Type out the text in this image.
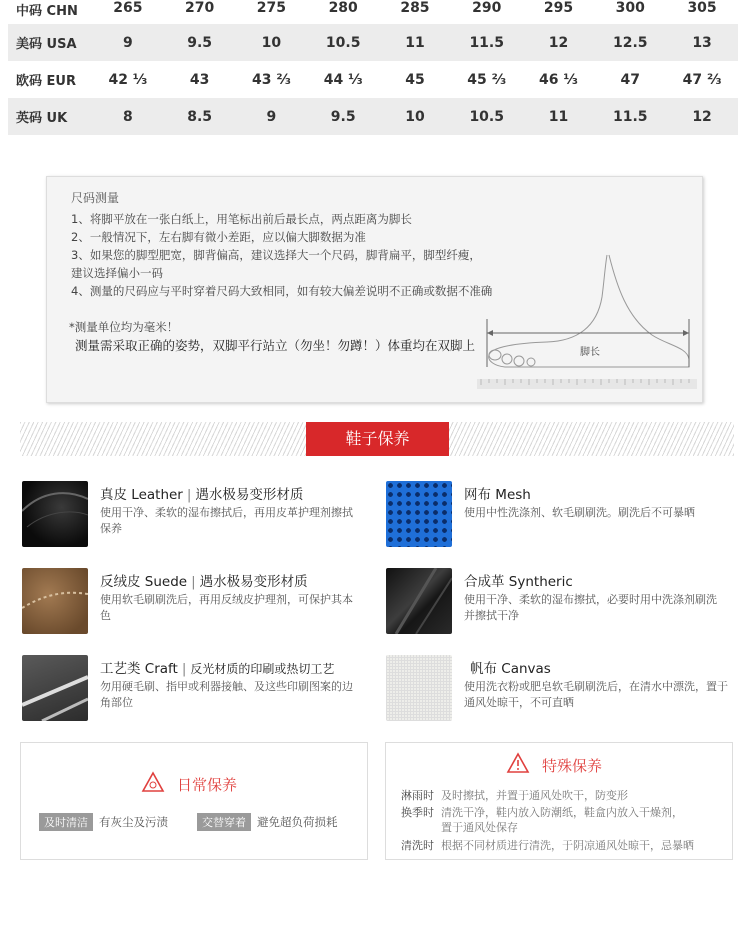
中码 CHN	265	270	275	280	285	290	295	300	305
美码 USA	9	9.5	10	10.5	11	11.5	12	12.5	13
欧码 EUR	42 ⅓	43	43 ⅔	44 ⅓	45	45 ⅔	46 ⅓	47	47 ⅔
英码 UK	8	8.5	9	9.5	10	10.5	11	11.5	12
尺码测量
1、将脚平放在一张白纸上，用笔标出前后最长点，两点距离为脚长
2、一般情况下，左右脚有微小差距，应以偏大脚数据为准
3、如果您的脚型肥宽，脚背偏高，建议选择大一个尺码，脚背扁平，脚型纤瘦，
建议选择偏小一码
4、测量的尺码应与平时穿着尺码大致相同，如有较大偏差说明不正确或数据不准确
*测量单位均为毫米！
测量需采取正确的姿势，双脚平行站立（勿坐！勿蹲！）体重均在双脚上	脚长
鞋子保养
真皮 Leather | 遇水极易变形材质
使用干净、柔软的湿布擦拭后，再用皮革护理剂擦拭保养
网布 Mesh
使用中性洗涤剂、软毛刷刷洗。刷洗后不可暴晒
反绒皮 Suede | 遇水极易变形材质
使用软毛刷刷洗后，再用反绒皮护理剂，可保护其本色
合成革 Syntheric
使用干净、柔软的湿布擦拭，必要时用中洗涤剂刷洗并擦拭干净
工艺类 Craft | 反光材质的印刷或热切工艺
勿用硬毛刷、指甲或利器接触、及这些印刷图案的边角部位
帆布 Canvas
使用洗衣粉或肥皂软毛刷刷洗后，在清水中漂洗，置于通风处晾干，不可直晒
日常保养
及时清洁 有灰尘及污渍	交替穿着 避免超负荷损耗
特殊保养
淋雨时 及时擦拭，并置于通风处吹干，防变形
换季时 清洗干净，鞋内放入防潮纸，鞋盒内放入干燥剂，
置于通风处保存
清洗时 根据不同材质进行清洗，于阴凉通风处晾干，忌暴晒
